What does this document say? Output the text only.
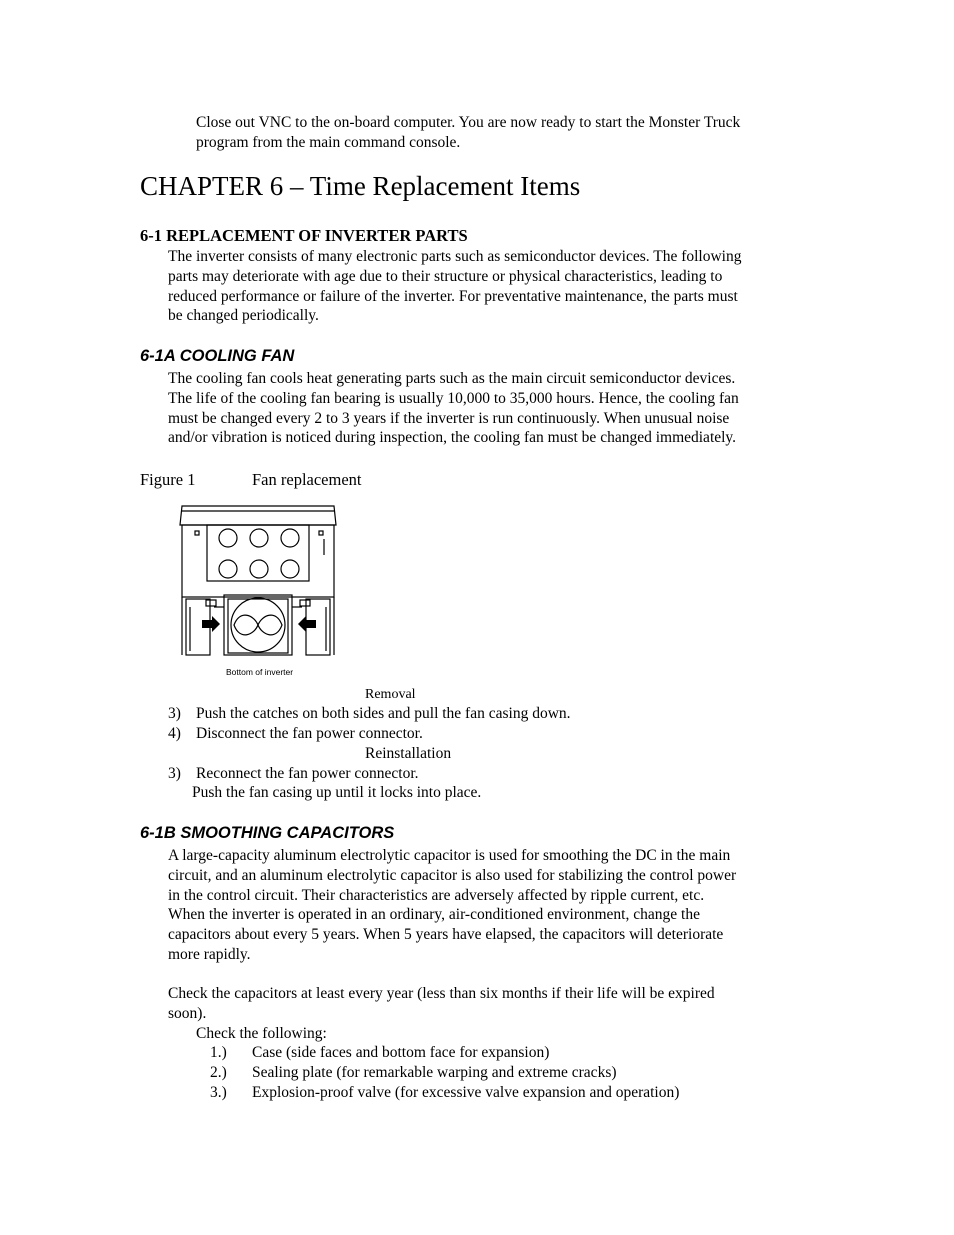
Close out VNC to the on-board computer. You are now ready to start the Monster Truck
program from the main command console.
CHAPTER 6 – Time Replacement Items
6-1 REPLACEMENT OF INVERTER PARTS
The inverter consists of many electronic parts such as semiconductor devices. The following
parts may deteriorate with age due to their structure or physical characteristics, leading to
reduced performance or failure of the inverter. For preventative maintenance, the parts must
be changed periodically.
6-1A COOLING FAN
The cooling fan cools heat generating parts such as the main circuit semiconductor devices.
The life of the cooling fan bearing is usually 10,000 to 35,000 hours. Hence, the cooling fan
must be changed every 2 to 3 years if the inverter is run continuously. When unusual noise
and/or vibration is noticed during inspection, the cooling fan must be changed immediately.
Figure 1	Fan replacement
Bottom of inverter
Removal
3) Push the catches on both sides and pull the fan casing down.
4) Disconnect the fan power connector.
Reinstallation
3) Reconnect the fan power connector.
Push the fan casing up until it locks into place.
6-1B SMOOTHING CAPACITORS
A large-capacity aluminum electrolytic capacitor is used for smoothing the DC in the main
circuit, and an aluminum electrolytic capacitor is also used for stabilizing the control power
in the control circuit. Their characteristics are adversely affected by ripple current, etc.
When the inverter is operated in an ordinary, air-conditioned environment, change the
capacitors about every 5 years. When 5 years have elapsed, the capacitors will deteriorate
more rapidly.
Check the capacitors at least every year (less than six months if their life will be expired
soon).
Check the following:
1.) Case (side faces and bottom face for expansion)
2.) Sealing plate (for remarkable warping and extreme cracks)
3.) Explosion-proof valve (for excessive valve expansion and operation)
